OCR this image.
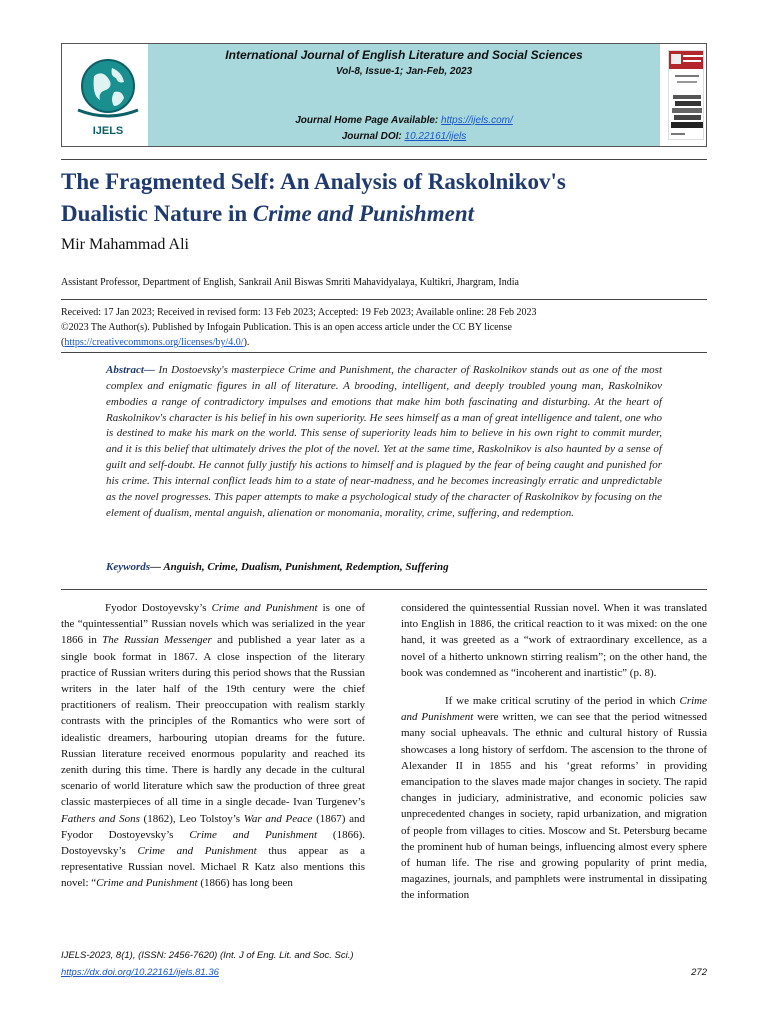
IJELS
International Journal of English Literature and Social Sciences
Vol-8, Issue-1; Jan-Feb, 2023
Journal Home Page Available: https://ijels.com/
Journal DOI: 10.22161/ijels
The Fragmented Self: An Analysis of Raskolnikov's
Dualistic Nature in Crime and Punishment
Mir Mahammad Ali
Assistant Professor, Department of English, Sankrail Anil Biswas Smriti Mahavidyalaya, Kultikri, Jhargram, India
Received: 17 Jan 2023; Received in revised form: 13 Feb 2023; Accepted: 19 Feb 2023; Available online: 28 Feb 2023
©2023 The Author(s). Published by Infogain Publication. This is an open access article under the CC BY license
(https://creativecommons.org/licenses/by/4.0/).
Abstract— In Dostoevsky's masterpiece Crime and Punishment, the character of Raskolnikov stands out as one of the most complex and enigmatic figures in all of literature. A brooding, intelligent, and deeply troubled young man, Raskolnikov embodies a range of contradictory impulses and emotions that make him both fascinating and disturbing. At the heart of Raskolnikov's character is his belief in his own superiority. He sees himself as a man of great intelligence and talent, one who is destined to make his mark on the world. This sense of superiority leads him to believe in his own right to commit murder, and it is this belief that ultimately drives the plot of the novel. Yet at the same time, Raskolnikov is also haunted by a sense of guilt and self-doubt. He cannot fully justify his actions to himself and is plagued by the fear of being caught and punished for his crime. This internal conflict leads him to a state of near-madness, and he becomes increasingly erratic and unpredictable as the novel progresses. This paper attempts to make a psychological study of the character of Raskolnikov by focusing on the element of dualism, mental anguish, alienation or monomania, morality, crime, suffering, and redemption.
Keywords— Anguish, Crime, Dualism, Punishment, Redemption, Suffering

Fyodor Dostoyevsky’s Crime and Punishment is one of the “quintessential” Russian novels which was serialized in the year 1866 in The Russian Messenger and published a year later as a single book format in 1867. A close inspection of the literary practice of Russian writers during this period shows that the Russian writers in the later half of the 19th century were the chief practitioners of realism. Their preoccupation with realism starkly contrasts with the principles of the Romantics who were sort of idealistic dreamers, harbouring utopian dreams for the future. Russian literature received enormous popularity and reached its zenith during this time. There is hardly any decade in the cultural scenario of world literature which saw the production of three great classic masterpieces of all time in a single decade- Ivan Turgenev’s Fathers and Sons (1862), Leo Tolstoy’s War and Peace (1867) and Fyodor Dostoyevsky’s Crime and Punishment (1866). Dostoyevsky’s Crime and Punishment thus appear as a representative Russian novel. Michael R Katz also mentions this novel: “Crime and Punishment (1866) has long been

considered the quintessential Russian novel. When it was translated into English in 1886, the critical reaction to it was mixed: on the one hand, it was greeted as a “work of extraordinary excellence, as a novel of a hitherto unknown stirring realism”; on the other hand, the book was condemned as “incoherent and inartistic” (p. 8).

If we make critical scrutiny of the period in which Crime and Punishment were written, we can see that the period witnessed many social upheavals. The ethnic and cultural history of Russia showcases a long history of serfdom. The ascension to the throne of Alexander II in 1855 and his ‘great reforms’ in providing emancipation to the slaves made major changes in society. The rapid changes in judiciary, administrative, and economic policies saw unprecedented changes in society, rapid urbanization, and migration of people from villages to cities. Moscow and St. Petersburg became the prominent hub of human beings, influencing almost every sphere of human life. The rise and growing popularity of print media, magazines, journals, and pamphlets were instrumental in dissipating the information

IJELS-2023, 8(1), (ISSN: 2456-7620) (Int. J of Eng. Lit. and Soc. Sci.)
https://dx.doi.org/10.22161/ijels.81.36	272
